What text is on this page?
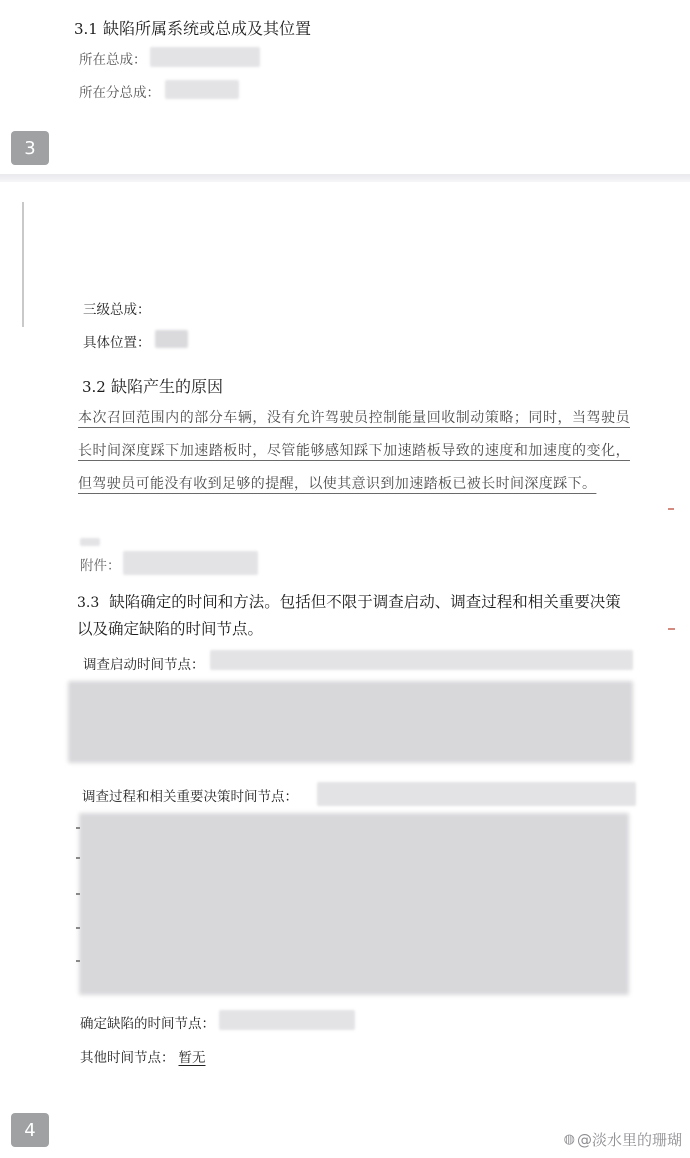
3.1 缺陷所属系统或总成及其位置
所在总成：
所在分总成：
3
三级总成：
具体位置：
3.2 缺陷产生的原因
本次召回范围内的部分车辆，没有允许驾驶员控制能量回收制动策略；同时，当驾驶员长时间深度踩下加速踏板时，尽管能够感知踩下加速踏板导致的速度和加速度的变化，但驾驶员可能没有收到足够的提醒，以使其意识到加速踏板已被长时间深度踩下。
附件：
3.3 缺陷确定的时间和方法。包括但不限于调查启动、调查过程和相关重要决策以及确定缺陷的时间节点。
调查启动时间节点：
调查过程和相关重要决策时间节点：
确定缺陷的时间节点：
其他时间节点： 暂无
4	◍ @淡水里的珊瑚
